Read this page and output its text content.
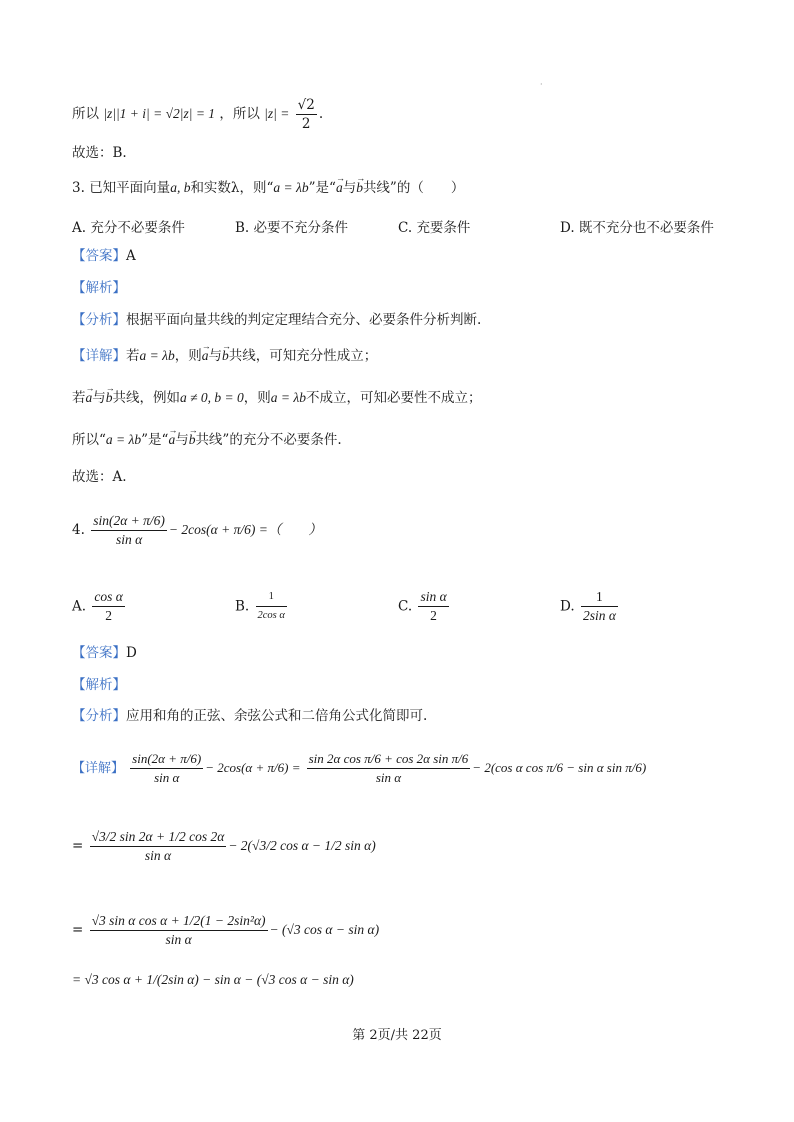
·
所以 |z||1 + i| = √2|z| = 1 ，所以 $|z| = \frac{√2}{2}$ .
故选：B.
3. 已知平面向量a, b和实数λ，则“a = λb”是“→ a与→ b共线”的（　　）
A. 充分不必要条件	B. 必要不充分条件	C. 充要条件	D. 既不充分也不必要条件
【答案】A
【解析】
【分析】根据平面向量共线的判定定理结合充分、必要条件分析判断.
【详解】若a = λb，则→ a与→ b共线，可知充分性成立；
若→ a与→ b共线，例如a ≠ 0, b = 0，则a = λb不成立，可知必要性不成立；
所以“a = λb”是“→ a与→ b共线”的充分不必要条件.
故选：A.
4. $\frac{\sin(2\alpha + \pi/6)}{\text{sin α}} - 2\cos(\alpha + \pi/6)$ =（　　）
A. $\frac{\text{cos α}}{2}$	B. $\frac{1}{\text{2cos α}}$	C. $\frac{\text{sin α}}{2}$	D. $\frac{1}{\text{2sin α}}$
【答案】D
【解析】
【分析】应用和角的正弦、余弦公式和二倍角公式化简即可.
【详解】 $\frac{\sin(2\alpha + \pi/6)}{\text{sin α}} - 2\cos(\alpha + \pi/6) = \frac{\text{sin 2α cos π/6 + cos 2α sin π/6}}{\text{sin α}} - 2(\cos$ α cos π/6 − sin α sin π/6)
= $\frac{√3/2 \sin 2\alpha + 1/2 \cos 2\alpha}{\text{sin α}} - 2(√3/2$ cos α − 1/2 sin α)
= $\frac{\text{√3 sin α cos α + 1/2(1 − 2sin²α)}}{\text{sin α}} - (√3$ cos α − sin α)
= √3 cos α + 1/(2sin α) − sin α − (√3 cos α − sin α)
第 2页/共 22页
